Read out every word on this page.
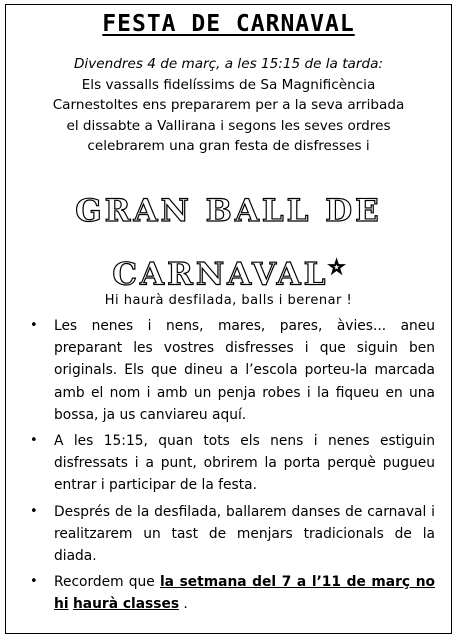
FESTA DE CARNAVAL
Divendres 4 de març, a les 15:15 de la tarda:
Els vassalls fidelíssims de Sa Magnificència
Carnestoltes ens prepararem per a la seva arribada
el dissabte a Vallirana i segons les seves ordres
celebrarem una gran festa de disfresses i
GRAN BALL DE
CARNAVAL☆
Hi haurà desfilada, balls i berenar !
• Les nenes i nens, mares, pares, àvies... aneu preparant les vostres disfresses i que siguin ben originals. Els que dineu a l’escola porteu-la marcada amb el nom i amb un penja robes i la fiqueu en una bossa, ja us canviareu aquí.
• A les 15:15, quan tots els nens i nenes estiguin disfressats i a punt, obrirem la porta perquè pugueu entrar i participar de la festa.
• Després de la desfilada, ballarem danses de carnaval i realitzarem un tast de menjars tradicionals de la diada.
• Recordem que la setmana del 7 a l’11 de març no hi haurà classes .
